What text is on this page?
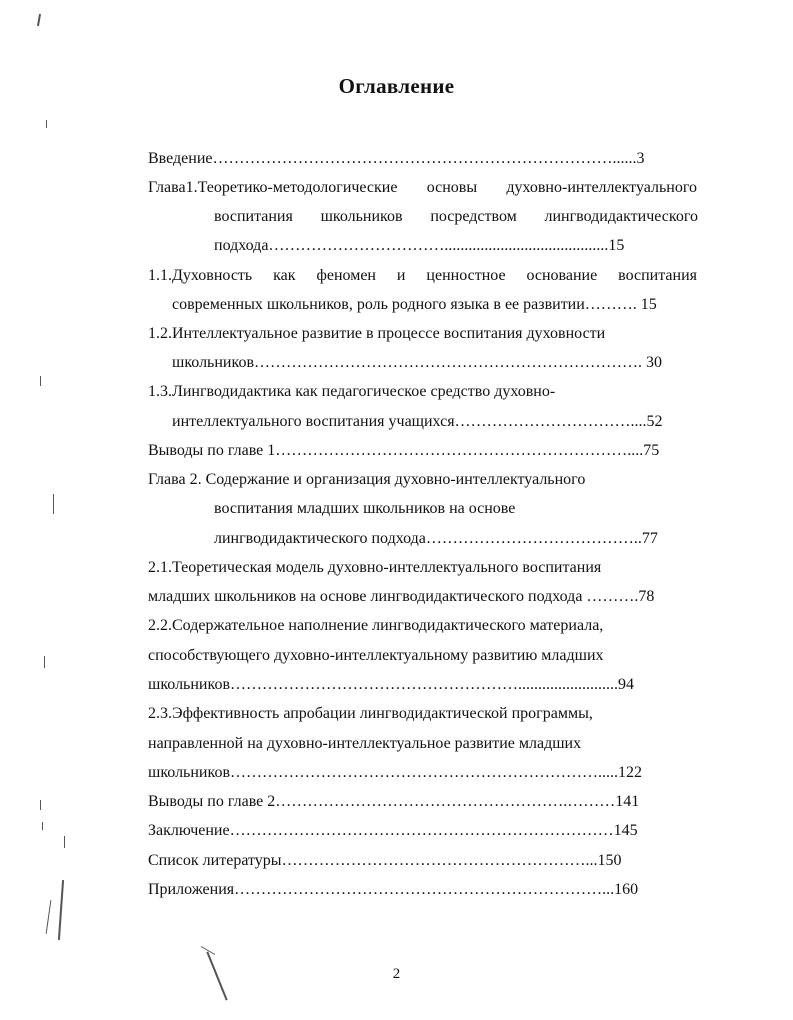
Оглавление
Введение…………………………………………………………………......3
Глава1.Теоретико-методологические основы духовно-интеллектуального
воспитания школьников посредством лингводидактического
подхода…………………………….........................................15
1.1.Духовность как феномен и ценностное основание воспитания
современных школьников, роль родного языка в ее развитии………. 15
1.2.Интеллектуальное развитие в процессе воспитания духовности
школьников………………………………………………………………. 30
1.3.Лингводидактика как педагогическое средство духовно-
интеллектуального воспитания учащихся……………………………....52
Выводы по главе 1…………………………………………………………....75
Глава 2. Содержание и организация духовно-интеллектуального
воспитания младших школьников на основе
лингводидактического подхода…………………………………..77
2.1.Теоретическая модель духовно-интеллектуального воспитания
младших школьников на основе лингводидактического подхода ……….78
2.2.Содержательное наполнение лингводидактического материала,
способствующего духовно-интеллектуальному развитию младших
школьников……………………………………………….........................94
2.3.Эффективность апробации лингводидактической программы,
направленной на духовно-интеллектуальное развитие младших
школьников…………………………………………………………….....122
Выводы по главе 2……………………………………………….………141
Заключение………………………………………………………………145
Список литературы…………………………………………………...150
Приложения……………………………………………………………...160
2
